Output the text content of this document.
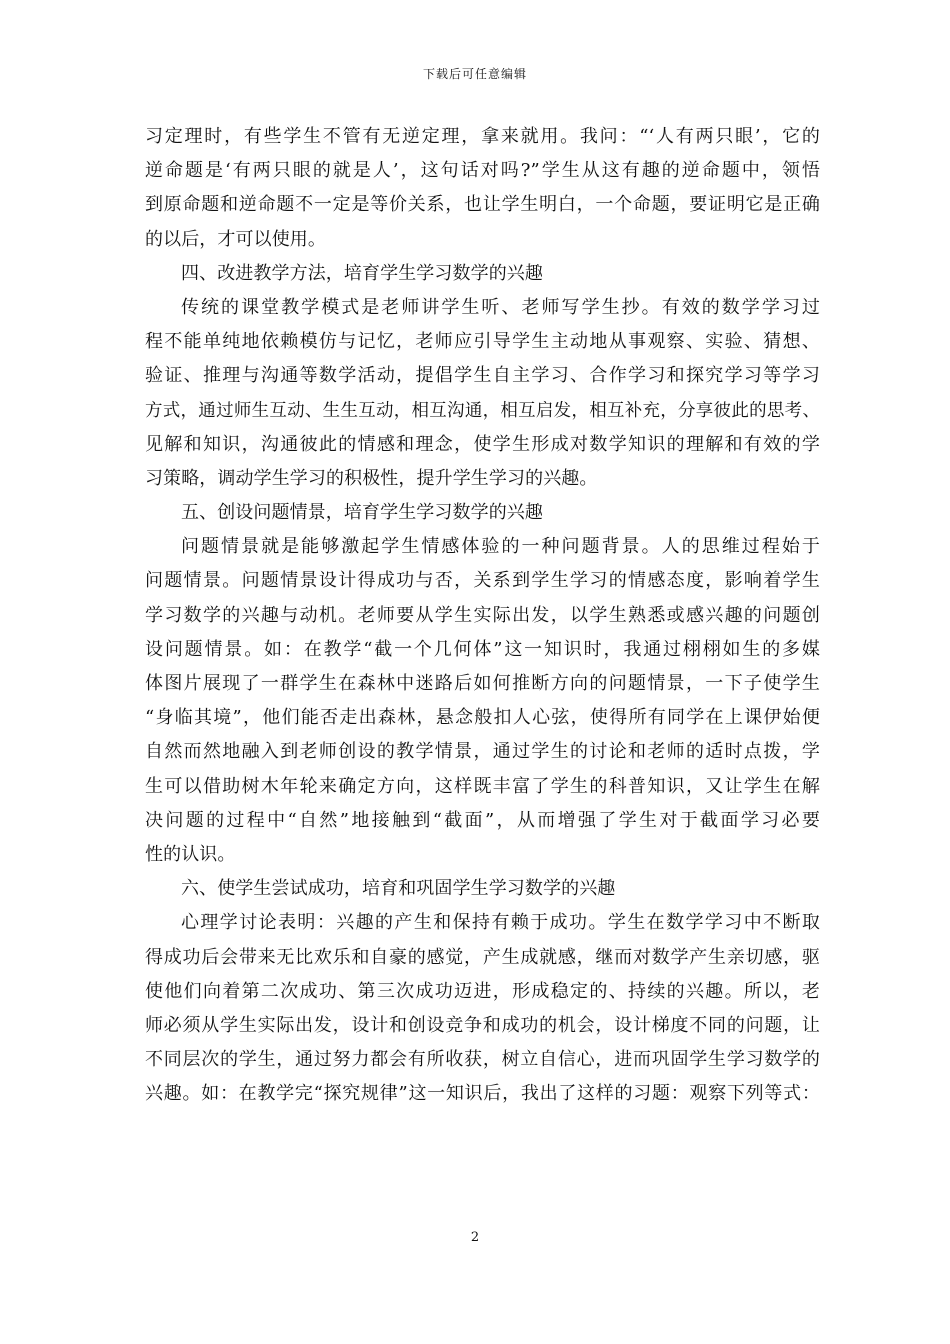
下载后可任意编辑
习定理时，有些学生不管有无逆定理，拿来就用。我问：“‘人有两只眼’，它的
逆命题是‘有两只眼的就是人’，这句话对吗?”学生从这有趣的逆命题中，领悟
到原命题和逆命题不一定是等价关系，也让学生明白，一个命题，要证明它是正确
的以后，才可以使用。
四、改进教学方法，培育学生学习数学的兴趣
传统的课堂教学模式是老师讲学生听、老师写学生抄。有效的数学学习过
程不能单纯地依赖模仿与记忆，老师应引导学生主动地从事观察、实验、猜想、
验证、推理与沟通等数学活动，提倡学生自主学习、合作学习和探究学习等学习
方式，通过师生互动、生生互动，相互沟通，相互启发，相互补充，分享彼此的思考、
见解和知识，沟通彼此的情感和理念，使学生形成对数学知识的理解和有效的学
习策略，调动学生学习的积极性，提升学生学习的兴趣。
五、创设问题情景，培育学生学习数学的兴趣
问题情景就是能够激起学生情感体验的一种问题背景。人的思维过程始于
问题情景。问题情景设计得成功与否，关系到学生学习的情感态度，影响着学生
学习数学的兴趣与动机。老师要从学生实际出发，以学生熟悉或感兴趣的问题创
设问题情景。如：在教学“截一个几何体”这一知识时，我通过栩栩如生的多媒
体图片展现了一群学生在森林中迷路后如何推断方向的问题情景，一下子使学生
“身临其境”，他们能否走出森林，悬念般扣人心弦，使得所有同学在上课伊始便
自然而然地融入到老师创设的教学情景，通过学生的讨论和老师的适时点拨，学
生可以借助树木年轮来确定方向，这样既丰富了学生的科普知识，又让学生在解
决问题的过程中“自然”地接触到“截面”，从而增强了学生对于截面学习必要
性的认识。
六、使学生尝试成功，培育和巩固学生学习数学的兴趣
心理学讨论表明：兴趣的产生和保持有赖于成功。学生在数学学习中不断取
得成功后会带来无比欢乐和自豪的感觉，产生成就感，继而对数学产生亲切感，驱
使他们向着第二次成功、第三次成功迈进，形成稳定的、持续的兴趣。所以，老
师必须从学生实际出发，设计和创设竞争和成功的机会，设计梯度不同的问题，让
不同层次的学生，通过努力都会有所收获，树立自信心，进而巩固学生学习数学的
兴趣。如：在教学完“探究规律”这一知识后，我出了这样的习题：观察下列等式：
2
